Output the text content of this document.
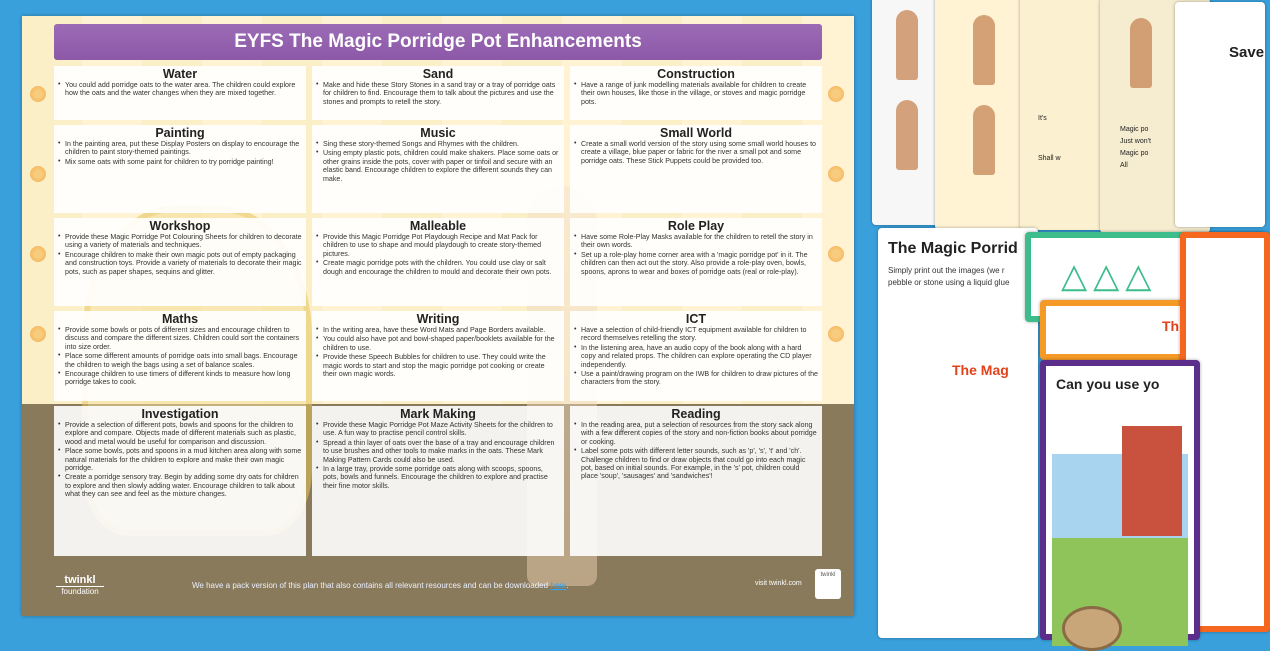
EYFS The Magic Porridge Pot Enhancements
Water
• You could add porridge oats to the water area. The children could explore how the oats and the water changes when they are mixed together.
Sand
• Make and hide these Story Stones in a sand tray or a tray of porridge oats for children to find. Encourage them to talk about the pictures and use the stones and prompts to retell the story.
Construction
• Have a range of junk modelling materials available for children to create their own houses, like those in the village, or stoves and magic porridge pots.
Painting
• In the painting area, put these Display Posters on display to encourage the children to paint story-themed paintings.
• Mix some oats with some paint for children to try porridge painting!
Music
• Sing these story-themed Songs and Rhymes with the children.
• Using empty plastic pots, children could make shakers. Place some oats or other grains inside the pots, cover with paper or tinfoil and secure with an elastic band. Encourage children to explore the different sounds they can make.
Small World
• Create a small world version of the story using some small world houses to create a village, blue paper or fabric for the river a small pot and some porridge oats. These Stick Puppets could be provided too.
Workshop
• Provide these Magic Porridge Pot Colouring Sheets for children to decorate using a variety of materials and techniques.
• Encourage children to make their own magic pots out of empty packaging and construction toys. Provide a variety of materials to decorate their magic pots, such as paper shapes, sequins and glitter.
Malleable
• Provide this Magic Porridge Pot Playdough Recipe and Mat Pack for children to use to shape and mould playdough to create story-themed pictures.
• Create magic porridge pots with the children. You could use clay or salt dough and encourage the children to mould and decorate their own pots.
Role Play
• Have some Role-Play Masks available for the children to retell the story in their own words.
• Set up a role-play home corner area with a 'magic porridge pot' in it. The children can then act out the story. Also provide a role-play oven, bowls, spoons, aprons to wear and boxes of porridge oats (real or role-play).
Maths
• Provide some bowls or pots of different sizes and encourage children to discuss and compare the different sizes. Children could sort the containers into size order.
• Place some different amounts of porridge oats into small bags. Encourage the children to weigh the bags using a set of balance scales.
• Encourage children to use timers of different kinds to measure how long porridge takes to cook.
Writing
• In the writing area, have these Word Mats and Page Borders available.
• You could also have pot and bowl-shaped paper/booklets available for the children to use.
• Provide these Speech Bubbles for children to use. They could write the magic words to start and stop the magic porridge pot cooking or create their own magic words.
ICT
• Have a selection of child-friendly ICT equipment available for children to record themselves retelling the story.
• In the listening area, have an audio copy of the book along with a hard copy and related props. The children can explore operating the CD player independently.
• Use a paint/drawing program on the IWB for children to draw pictures of the characters from the story.
Investigation
• Provide a selection of different pots, bowls and spoons for the children to explore and compare. Objects made of different materials such as plastic, wood and metal would be useful for comparison and discussion.
• Place some bowls, pots and spoons in a mud kitchen area along with some natural materials for the children to explore and make their own magic porridge.
• Create a porridge sensory tray. Begin by adding some dry oats for children to explore and then slowly adding water. Encourage children to talk about what they can see and feel as the mixture changes.
Mark Making
• Provide these Magic Porridge Pot Maze Activity Sheets for the children to use. A fun way to practise pencil control skills.
• Spread a thin layer of oats over the base of a tray and encourage children to use brushes and other tools to make marks in the oats. These Mark Making Pattern Cards could also be used.
• In a large tray, provide some porridge oats along with scoops, spoons, pots, bowls and funnels. Encourage the children to explore and practise their fine motor skills.
Reading
• In the reading area, put a selection of resources from the story sack along with a few different copies of the story and non-fiction books about porridge or cooking.
• Label some pots with different letter sounds, such as 'p', 's', 't' and 'ch'. Challenge children to find or draw objects that could go into each magic pot, based on initial sounds. For example, in the 's' pot, children could place 'soup', 'sausages' and 'sandwiches'!
twinkl
foundation
We have a pack version of this plan that also contains all relevant resources and can be downloaded here.	visit twinkl.com
twinkl
It's
Shall w
Magic po
Just won't
Magic po
All
Save
The Magic Porrid
Simply print out the images (we r
pebble or stone using a liquid glue
The Mag
△△△
Th
Can you use yo
